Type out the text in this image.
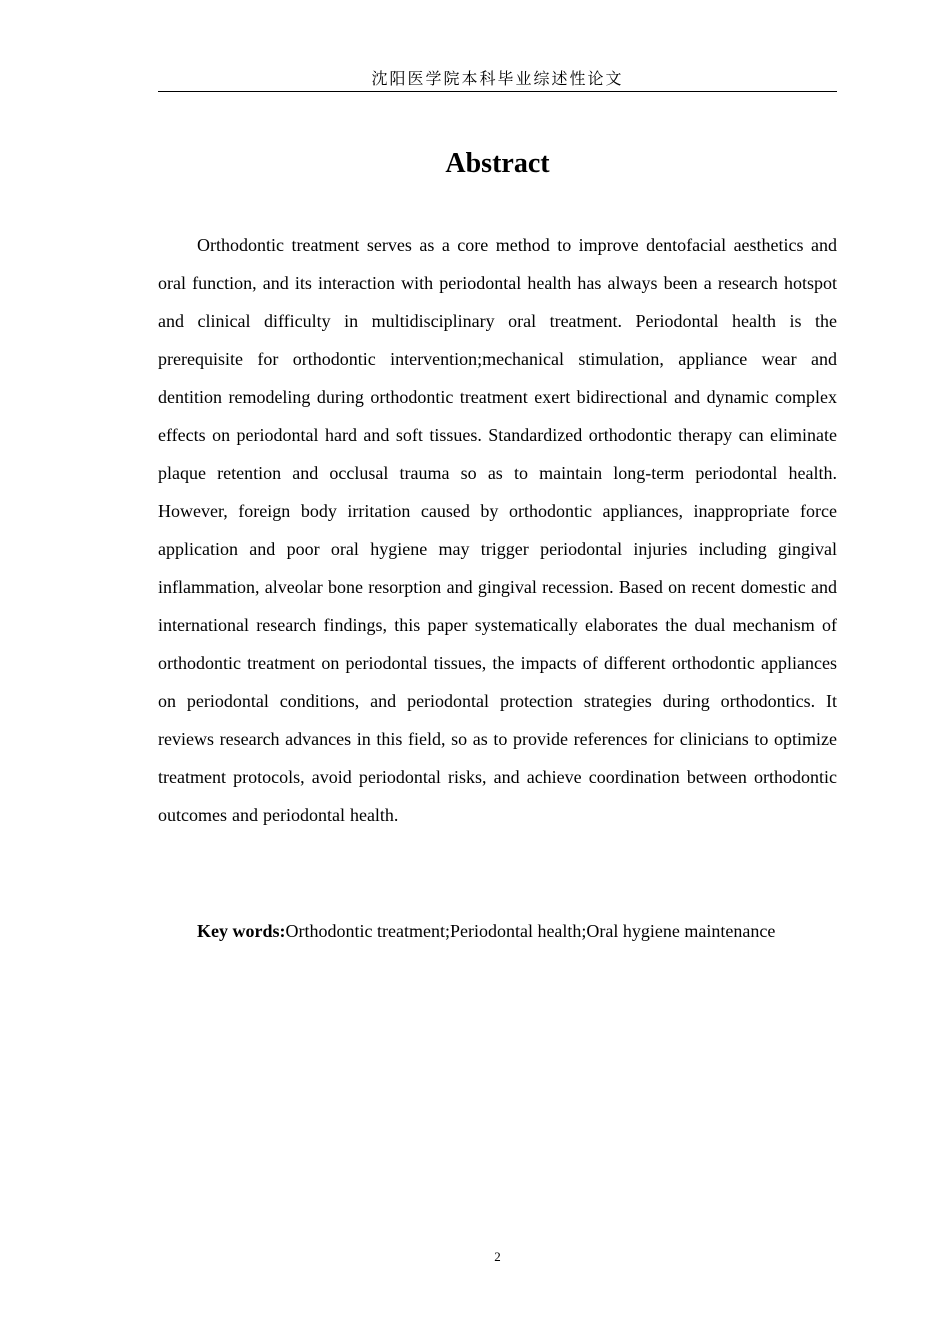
沈阳医学院本科毕业综述性论文
Abstract

Orthodontic treatment serves as a core method to improve dentofacial aesthetics and oral function, and its interaction with periodontal health has always been a research hotspot and clinical difficulty in multidisciplinary oral treatment. Periodontal health is the prerequisite for orthodontic intervention;mechanical stimulation, appliance wear and dentition remodeling during orthodontic treatment exert bidirectional and dynamic complex effects on periodontal hard and soft tissues. Standardized orthodontic therapy can eliminate plaque retention and occlusal trauma so as to maintain long-term periodontal health. However, foreign body irritation caused by orthodontic appliances, inappropriate force application and poor oral hygiene may trigger periodontal injuries including gingival inflammation, alveolar bone resorption and gingival recession. Based on recent domestic and international research findings, this paper systematically elaborates the dual mechanism of orthodontic treatment on periodontal tissues, the impacts of different orthodontic appliances on periodontal conditions, and periodontal protection strategies during orthodontics. It reviews research advances in this field, so as to provide references for clinicians to optimize treatment protocols, avoid periodontal risks, and achieve coordination between orthodontic outcomes and periodontal health.

Key words:Orthodontic treatment;Periodontal health;Oral hygiene maintenance

2
